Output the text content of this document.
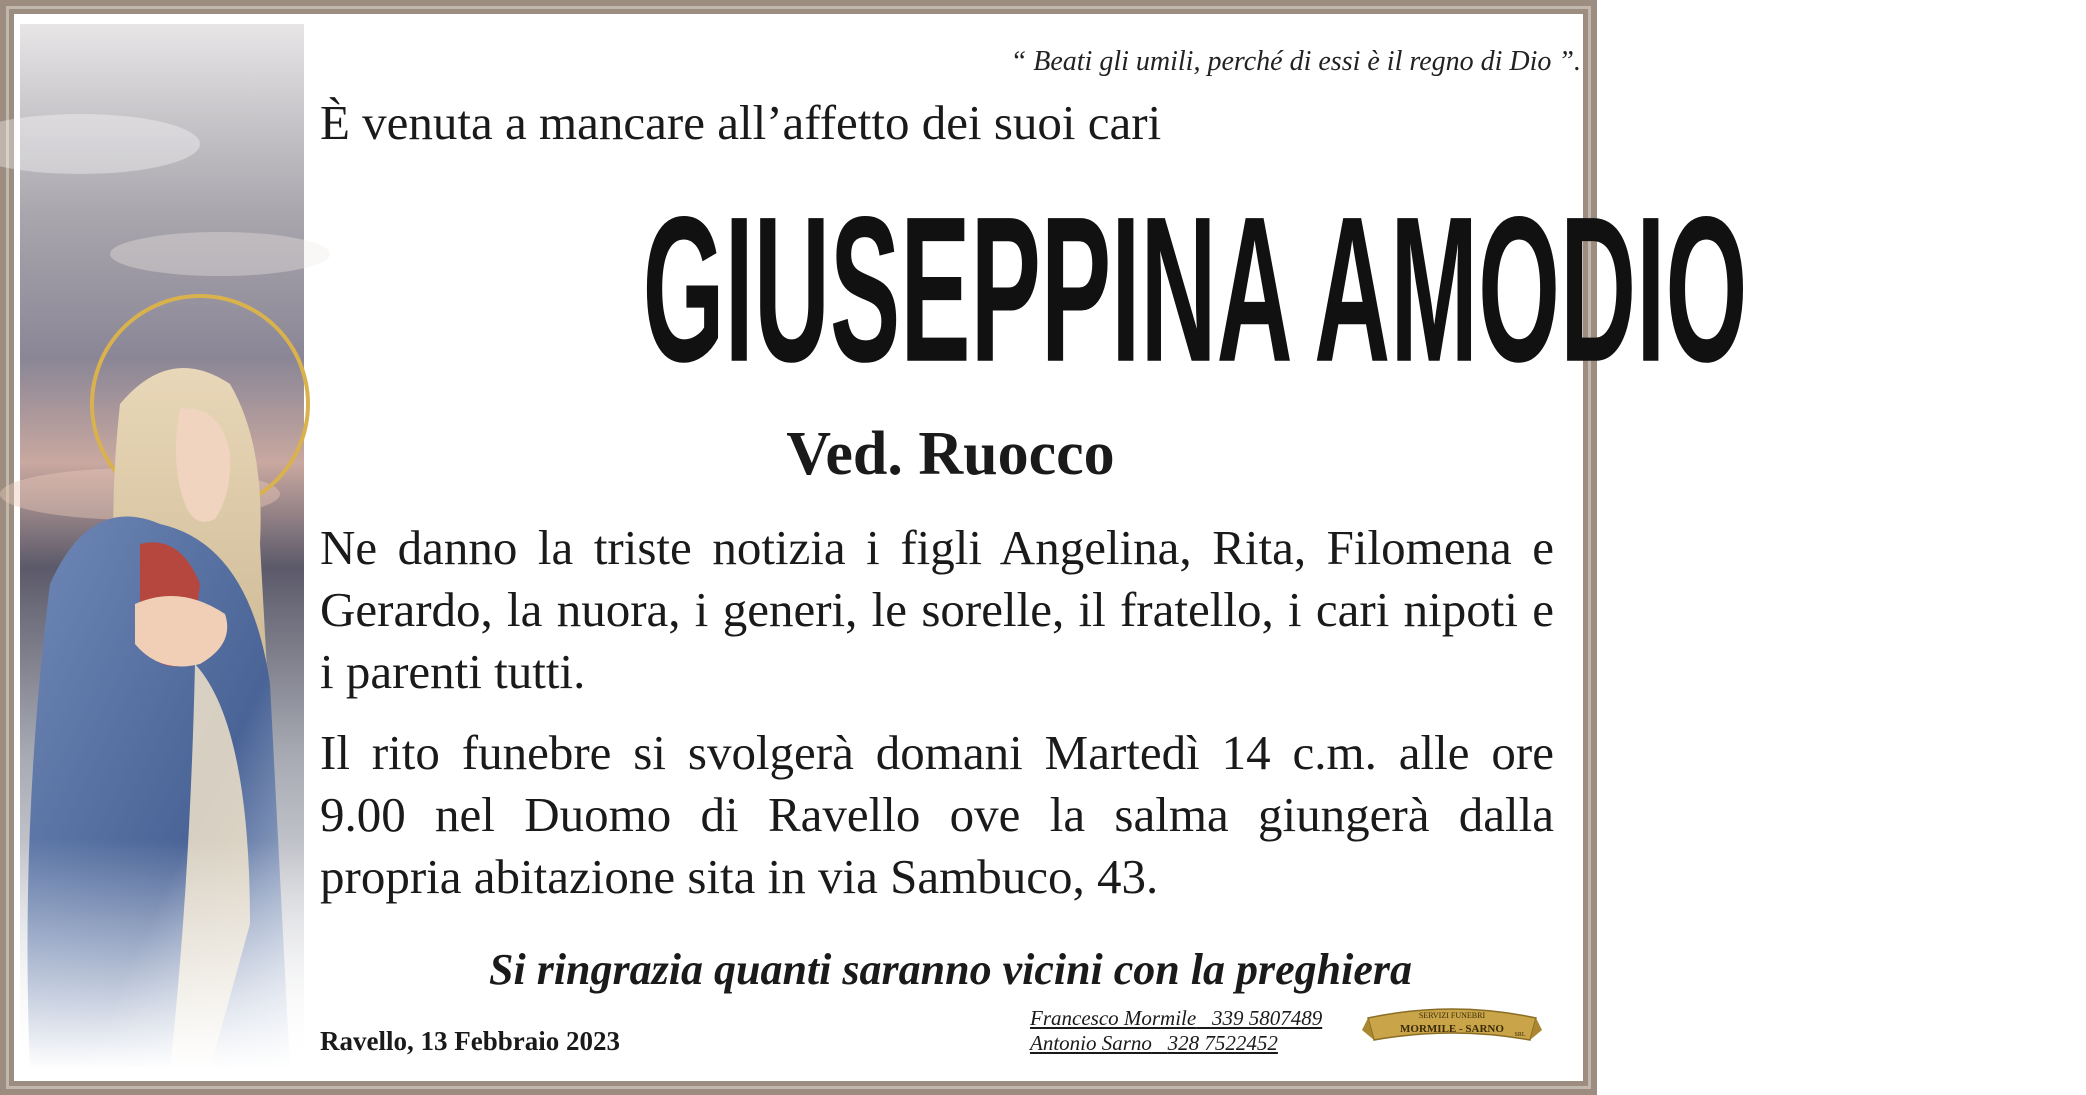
“ Beati gli umili, perché di essi è il regno di Dio ”.
È venuta a mancare all’affetto dei suoi cari
GIUSEPPINA AMODIO
Ved. Ruocco
Ne danno la triste notizia i figli Angelina, Rita, Filomena e Gerardo, la nuora, i generi, le sorelle, il fratello, i cari nipoti e i parenti tutti.
Il rito funebre si svolgerà domani Martedì 14 c.m. alle ore 9.00 nel Duomo di Ravello ove la salma giungerà dalla propria abitazione sita in via Sambuco, 43.
Si ringrazia quanti saranno vicini con la preghiera
Ravello, 13 Febbraio 2023
Francesco Mormile 339 5807489
Antonio Sarno 328 7522452
SERVIZI FUNEBRI
MORMILE - SARNO SRL
